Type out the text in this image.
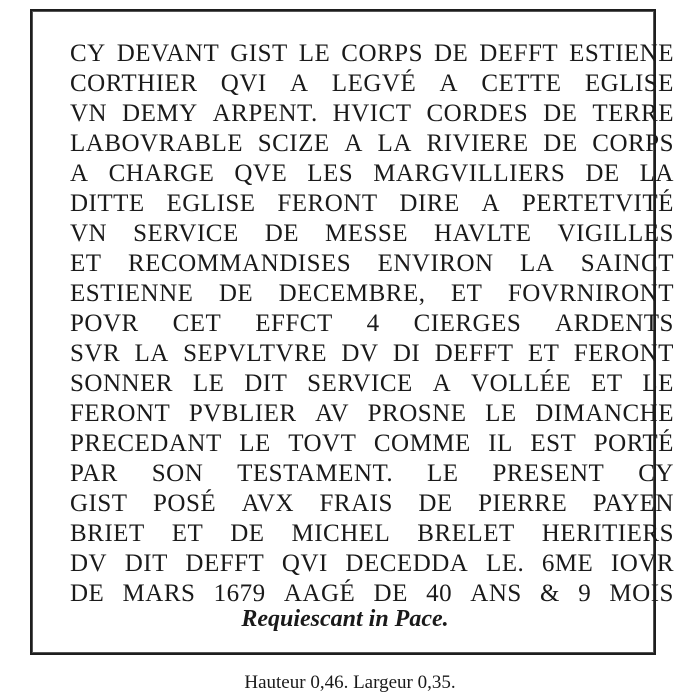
CY DEVANT GIST LE CORPS DE DEFFT ESTIENE
CORTHIER QVI A LEGVÉ A CETTE EGLISE
VN DEMY ARPENT. HVICT CORDES DE TERRE
LABOVRABLE SCIZE A LA RIVIERE DE CORPS
A CHARGE QVE LES MARGVILLIERS DE LA
DITTE EGLISE FERONT DIRE A PERTETVITÉ
VN SERVICE DE MESSE HAVLTE VIGILLES
ET RECOMMANDISES ENVIRON LA SAINCT
ESTIENNE DE DECEMBRE, ET FOVRNIRONT
POVR CET EFFCT 4 CIERGES ARDENTS
SVR LA SEPVLTVRE DV DI DEFFT ET FERONT
SONNER LE DIT SERVICE A VOLLÉE ET LE
FERONT PVBLIER AV PROSNE LE DIMANCHE
PRECEDANT LE TOVT COMME IL EST PORTÉ
PAR SON TESTAMENT. LE PRESENT CY
GIST POSÉ AVX FRAIS DE PIERRE PAYEN
BRIET ET DE MICHEL BRELET HERITIERS
DV DIT DEFFT QVI DECEDDA LE. 6ME IOVR
DE MARS 1679 AAGÉ DE 40 ANS & 9 MOIS

Requiescant in Pace.

Hauteur 0,46. Largeur 0,35.
